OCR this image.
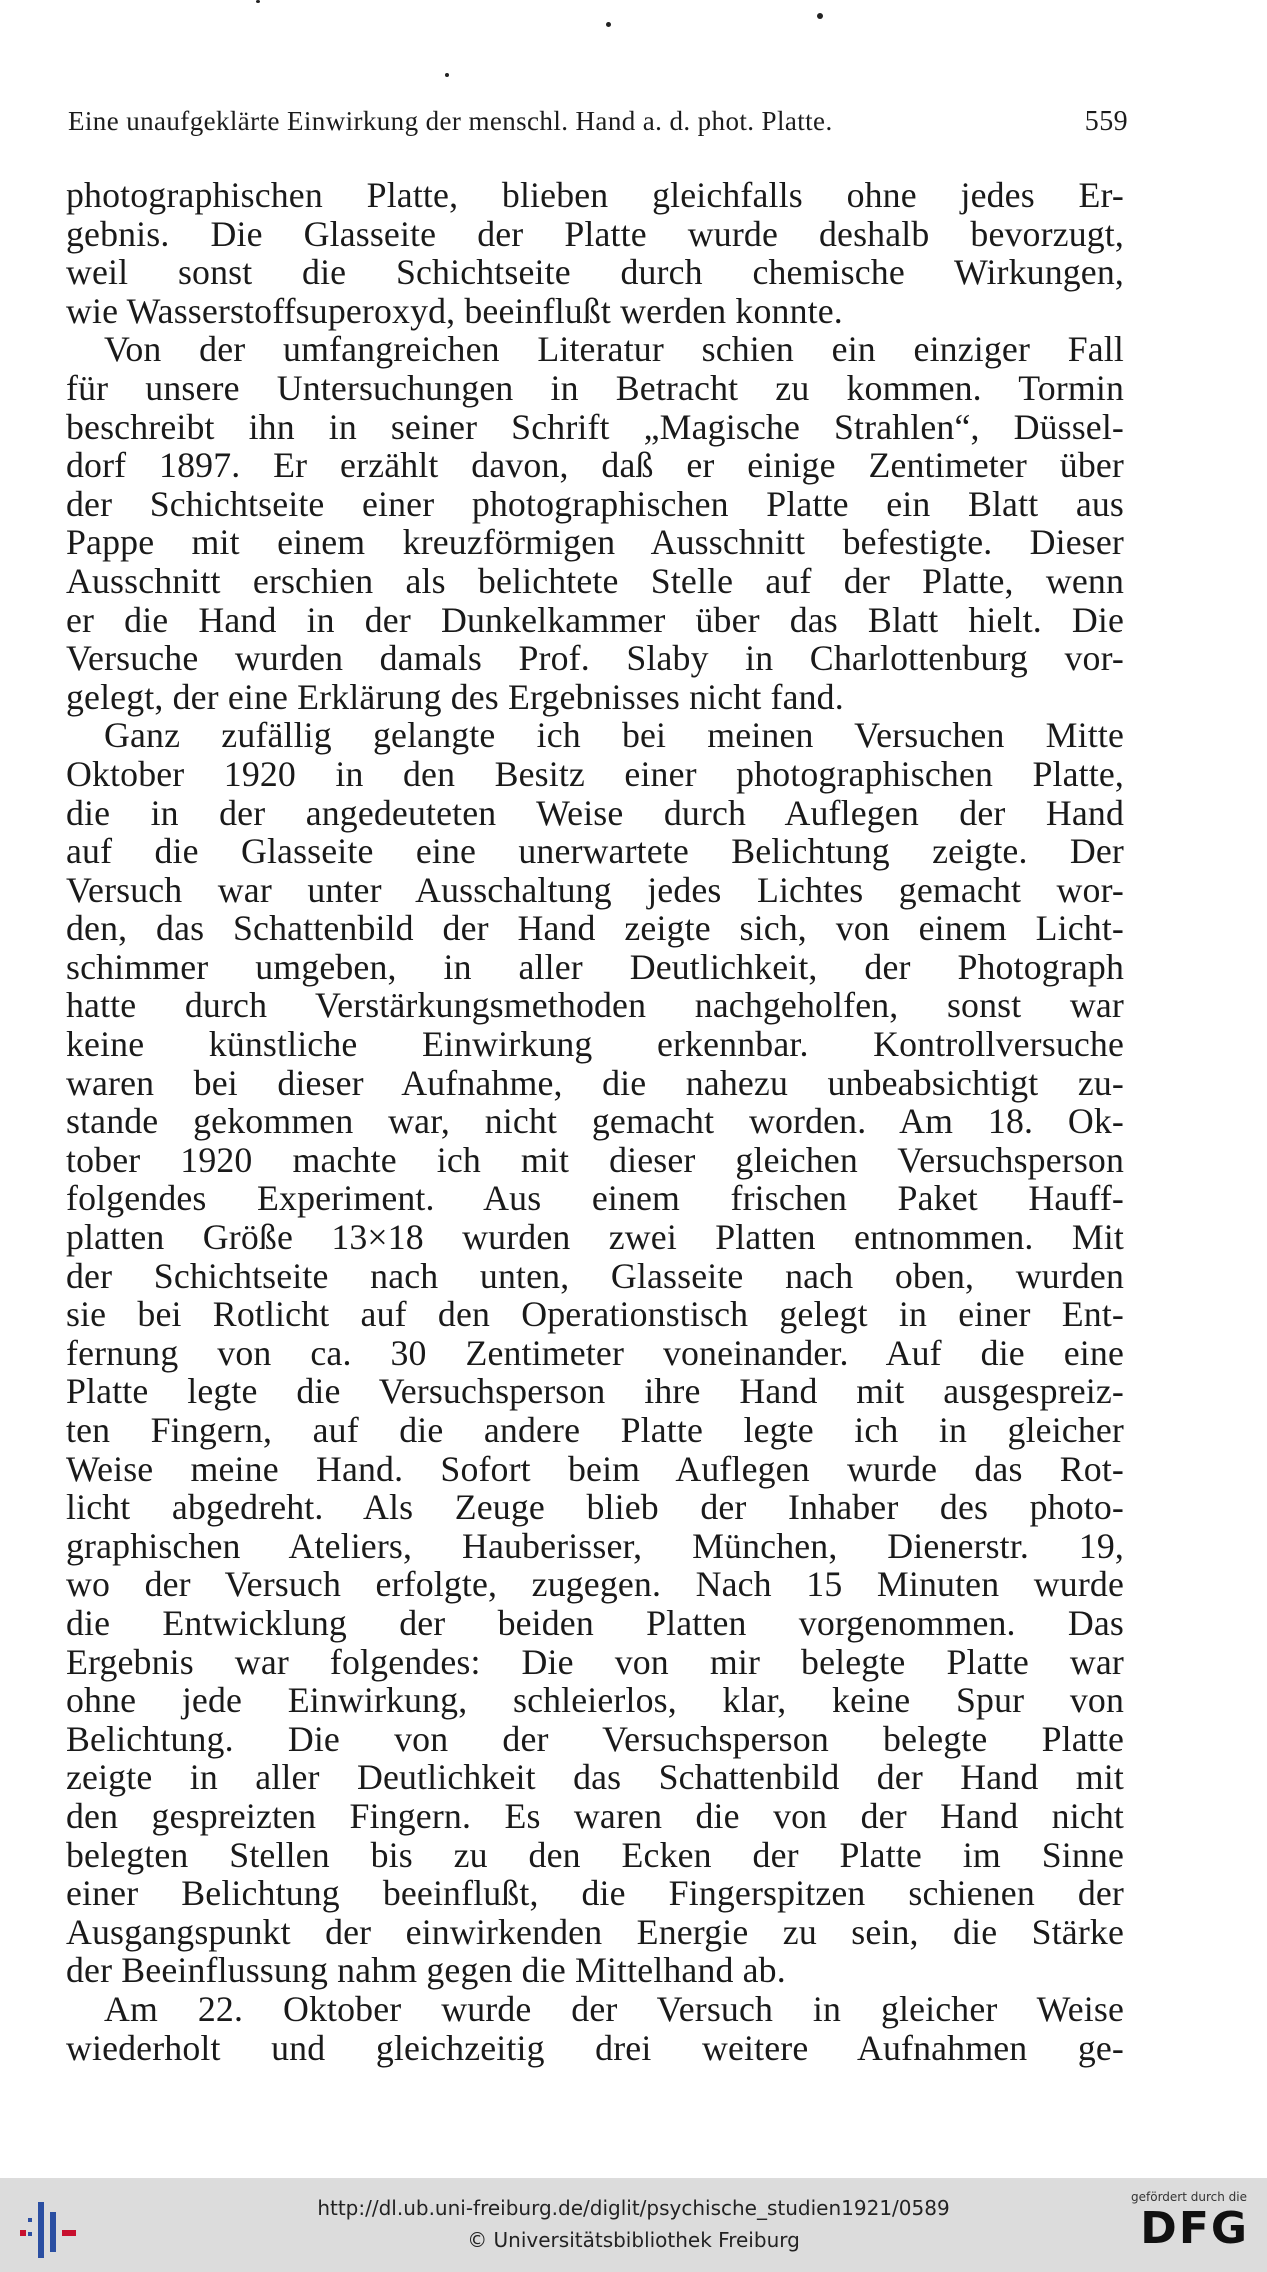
Eine unaufgeklärte Einwirkung der menschl. Hand a. d. phot. Platte.	559

photographischen Platte, blieben gleichfalls ohne jedes Er-
gebnis. Die Glasseite der Platte wurde deshalb bevorzugt,
weil sonst die Schichtseite durch chemische Wirkungen,
wie Wasserstoffsuperoxyd, beeinflußt werden konnte.

Von der umfangreichen Literatur schien ein einziger Fall
für unsere Untersuchungen in Betracht zu kommen. Tormin
beschreibt ihn in seiner Schrift „Magische Strahlen“, Düssel-
dorf 1897. Er erzählt davon, daß er einige Zentimeter über
der Schichtseite einer photographischen Platte ein Blatt aus
Pappe mit einem kreuzförmigen Ausschnitt befestigte. Dieser
Ausschnitt erschien als belichtete Stelle auf der Platte, wenn
er die Hand in der Dunkelkammer über das Blatt hielt. Die
Versuche wurden damals Prof. Slaby in Charlottenburg vor-
gelegt, der eine Erklärung des Ergebnisses nicht fand.

Ganz zufällig gelangte ich bei meinen Versuchen Mitte
Oktober 1920 in den Besitz einer photographischen Platte,
die in der angedeuteten Weise durch Auflegen der Hand
auf die Glasseite eine unerwartete Belichtung zeigte. Der
Versuch war unter Ausschaltung jedes Lichtes gemacht wor-
den, das Schattenbild der Hand zeigte sich, von einem Licht-
schimmer umgeben, in aller Deutlichkeit, der Photograph
hatte durch Verstärkungsmethoden nachgeholfen, sonst war
keine künstliche Einwirkung erkennbar. Kontrollversuche
waren bei dieser Aufnahme, die nahezu unbeabsichtigt zu-
stande gekommen war, nicht gemacht worden. Am 18. Ok-
tober 1920 machte ich mit dieser gleichen Versuchsperson
folgendes Experiment. Aus einem frischen Paket Hauff-
platten Größe 13×18 wurden zwei Platten entnommen. Mit
der Schichtseite nach unten, Glasseite nach oben, wurden
sie bei Rotlicht auf den Operationstisch gelegt in einer Ent-
fernung von ca. 30 Zentimeter voneinander. Auf die eine
Platte legte die Versuchsperson ihre Hand mit ausgespreiz-
ten Fingern, auf die andere Platte legte ich in gleicher
Weise meine Hand. Sofort beim Auflegen wurde das Rot-
licht abgedreht. Als Zeuge blieb der Inhaber des photo-
graphischen Ateliers, Hauberisser, München, Dienerstr. 19,
wo der Versuch erfolgte, zugegen. Nach 15 Minuten wurde
die Entwicklung der beiden Platten vorgenommen. Das
Ergebnis war folgendes: Die von mir belegte Platte war
ohne jede Einwirkung, schleierlos, klar, keine Spur von
Belichtung. Die von der Versuchsperson belegte Platte
zeigte in aller Deutlichkeit das Schattenbild der Hand mit
den gespreizten Fingern. Es waren die von der Hand nicht
belegten Stellen bis zu den Ecken der Platte im Sinne
einer Belichtung beeinflußt, die Fingerspitzen schienen der
Ausgangspunkt der einwirkenden Energie zu sein, die Stärke
der Beeinflussung nahm gegen die Mittelhand ab.

Am 22. Oktober wurde der Versuch in gleicher Weise
wiederholt und gleichzeitig drei weitere Aufnahmen ge-

http://dl.ub.uni-freiburg.de/diglit/psychische_studien1921/0589
© Universitätsbibliothek Freiburg
gefördert durch die
DFG
